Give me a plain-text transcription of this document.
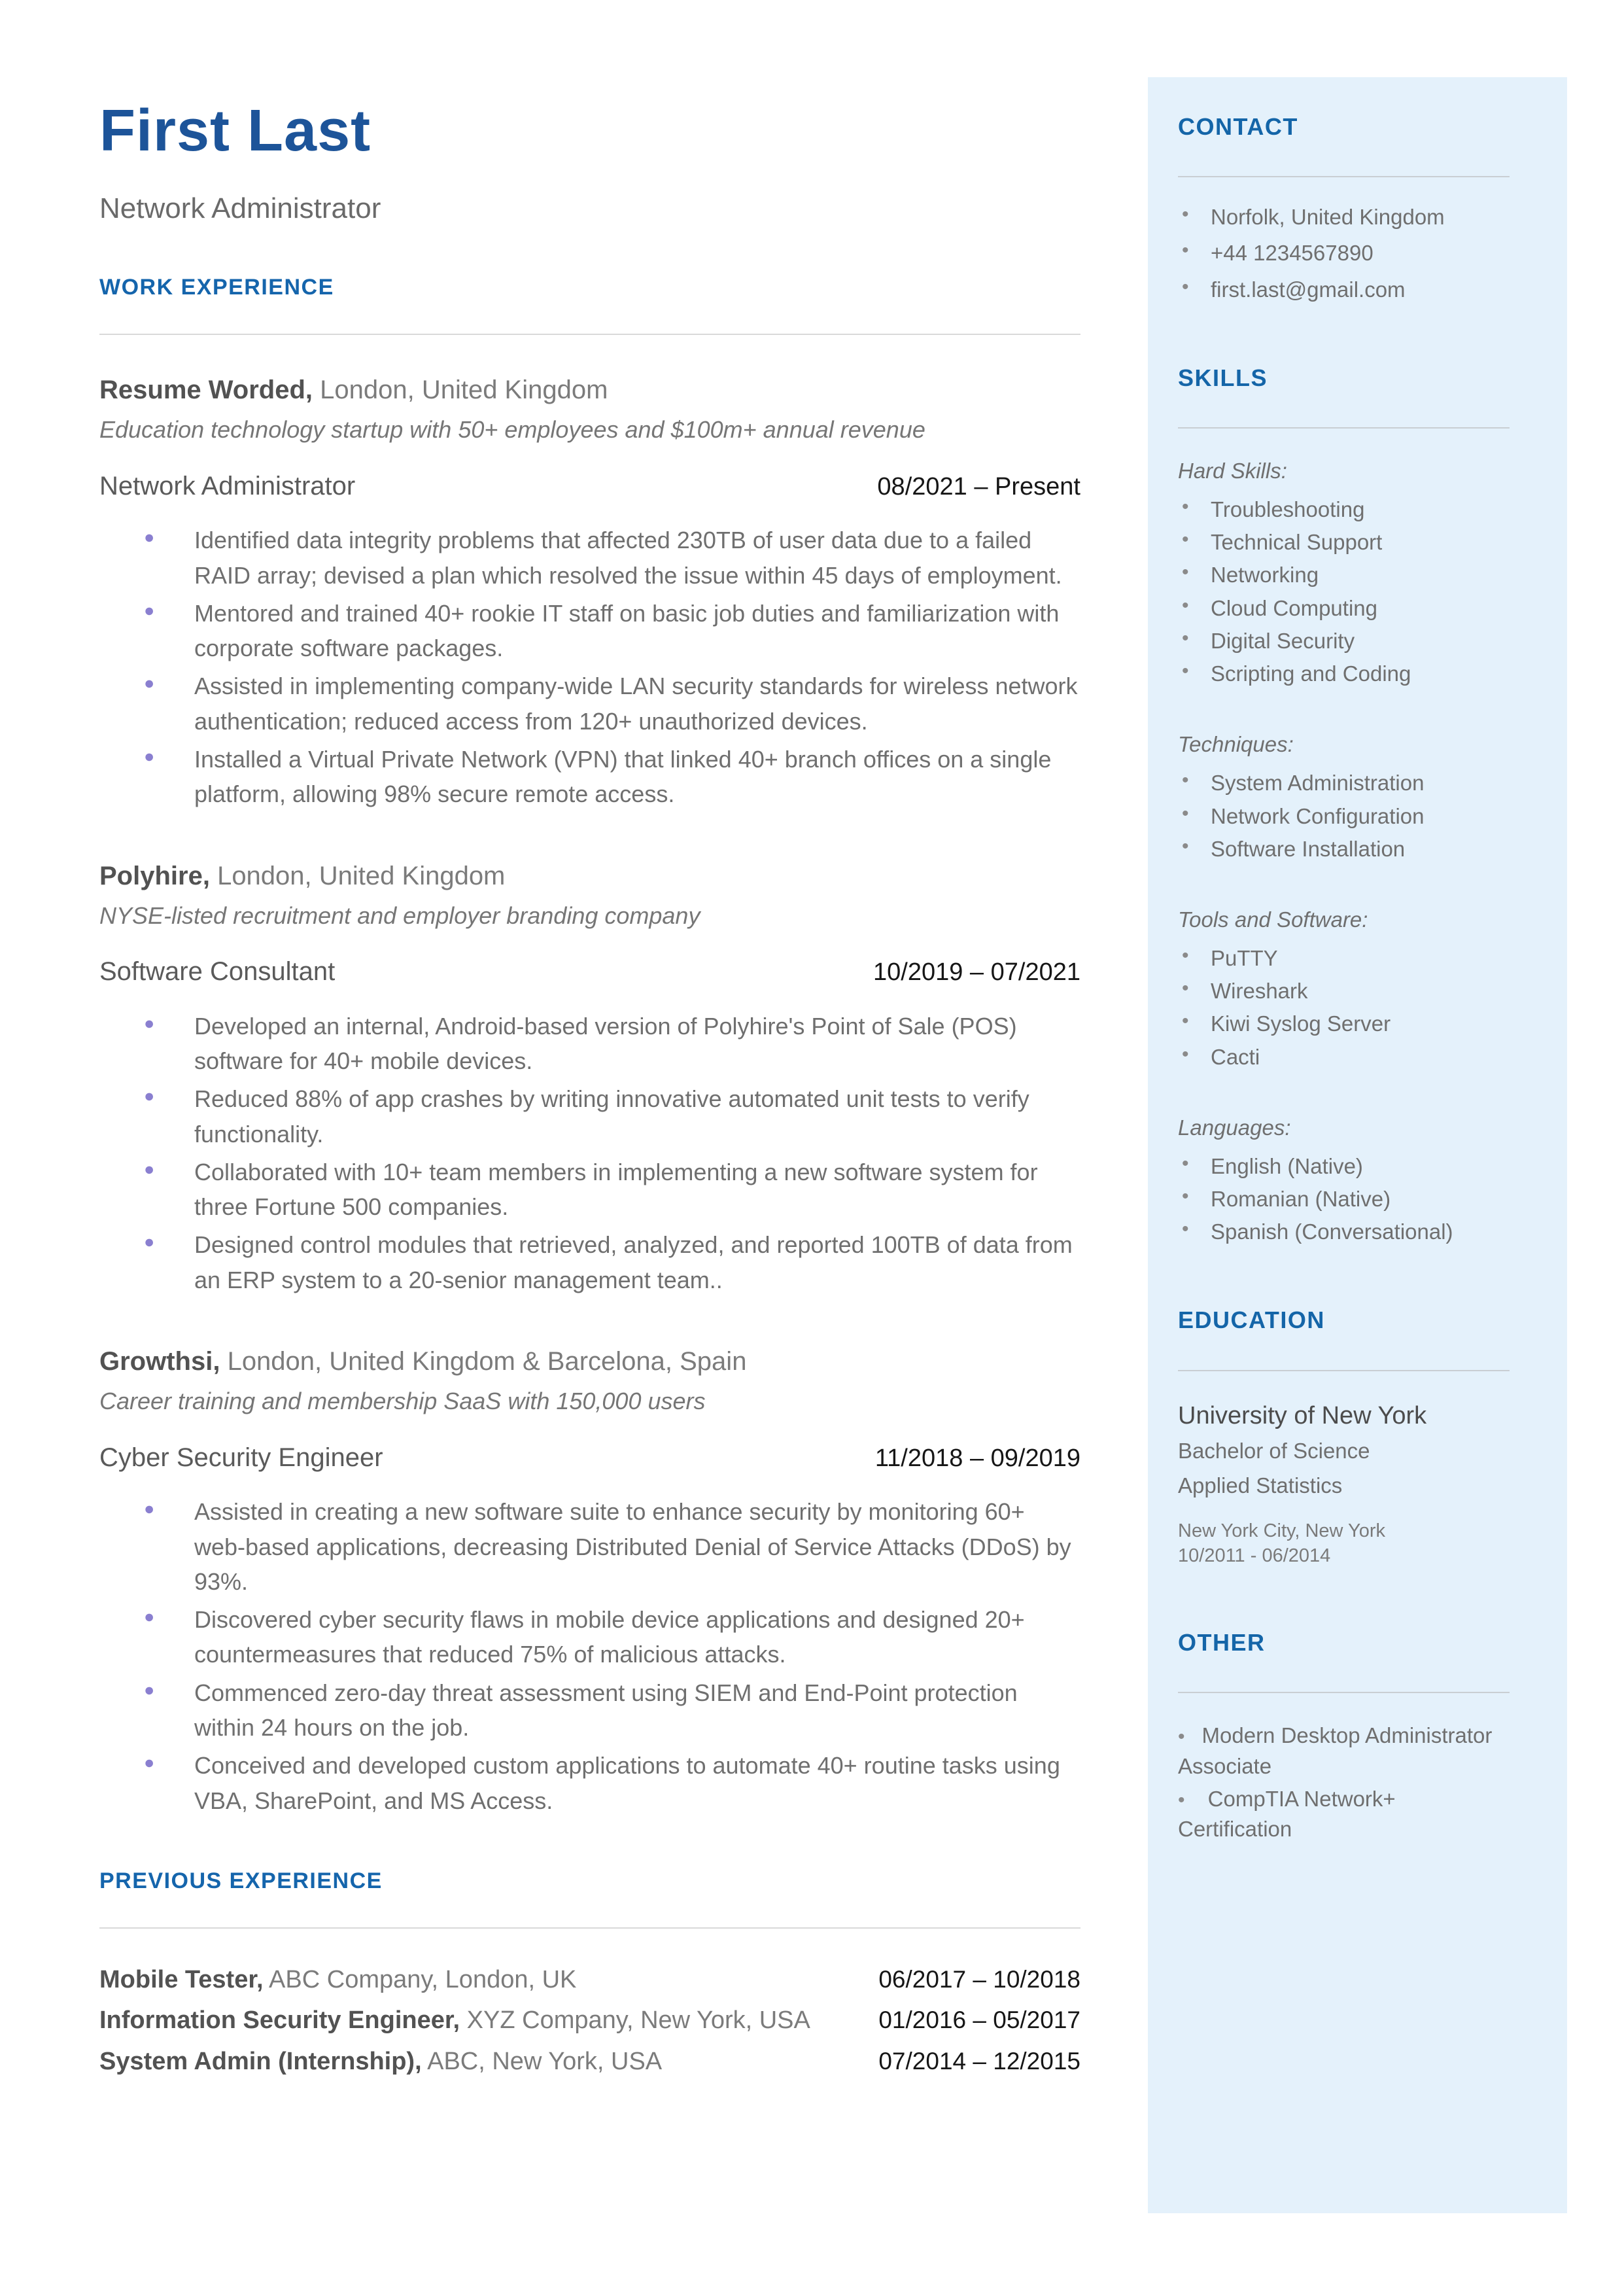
First Last
Network Administrator
WORK EXPERIENCE
Resume Worded, London, United Kingdom
Education technology startup with 50+ employees and $100m+ annual revenue
Network Administrator	08/2021 – Present
● Identified data integrity problems that affected 230TB of user data due to a failed RAID array; devised a plan which resolved the issue within 45 days of employment.
● Mentored and trained 40+ rookie IT staff on basic job duties and familiarization with corporate software packages.
● Assisted in implementing company-wide LAN security standards for wireless network authentication; reduced access from 120+ unauthorized devices.
● Installed a Virtual Private Network (VPN) that linked 40+ branch offices on a single platform, allowing 98% secure remote access.
Polyhire, London, United Kingdom
NYSE-listed recruitment and employer branding company
Software Consultant	10/2019 – 07/2021
● Developed an internal, Android-based version of Polyhire's Point of Sale (POS) software for 40+ mobile devices.
● Reduced 88% of app crashes by writing innovative automated unit tests to verify functionality.
● Collaborated with 10+ team members in implementing a new software system for three Fortune 500 companies.
● Designed control modules that retrieved, analyzed, and reported 100TB of data from an ERP system to a 20-senior management team..
Growthsi, London, United Kingdom & Barcelona, Spain
Career training and membership SaaS with 150,000 users
Cyber Security Engineer	11/2018 – 09/2019
● Assisted in creating a new software suite to enhance security by monitoring 60+ web-based applications, decreasing Distributed Denial of Service Attacks (DDoS) by 93%.
● Discovered cyber security flaws in mobile device applications and designed 20+ countermeasures that reduced 75% of malicious attacks.
● Commenced zero-day threat assessment using SIEM and End-Point protection within 24 hours on the job.
● Conceived and developed custom applications to automate 40+ routine tasks using VBA, SharePoint, and MS Access.
PREVIOUS EXPERIENCE
Mobile Tester, ABC Company, London, UK	06/2017 – 10/2018
Information Security Engineer, XYZ Company, New York, USA	01/2016 – 05/2017
System Admin (Internship), ABC, New York, USA	07/2014 – 12/2015
CONTACT
• Norfolk, United Kingdom
• +44 1234567890
• first.last@gmail.com
SKILLS
Hard Skills:
• Troubleshooting
• Technical Support
• Networking
• Cloud Computing
• Digital Security
• Scripting and Coding
Techniques:
• System Administration
• Network Configuration
• Software Installation
Tools and Software:
• PuTTY
• Wireshark
• Kiwi Syslog Server
• Cacti
Languages:
• English (Native)
• Romanian (Native)
• Spanish (Conversational)
EDUCATION
University of New York
Bachelor of Science
Applied Statistics
New York City, New York
10/2011 - 06/2014
OTHER
• Modern Desktop Administrator Associate
• CompTIA Network+ Certification
